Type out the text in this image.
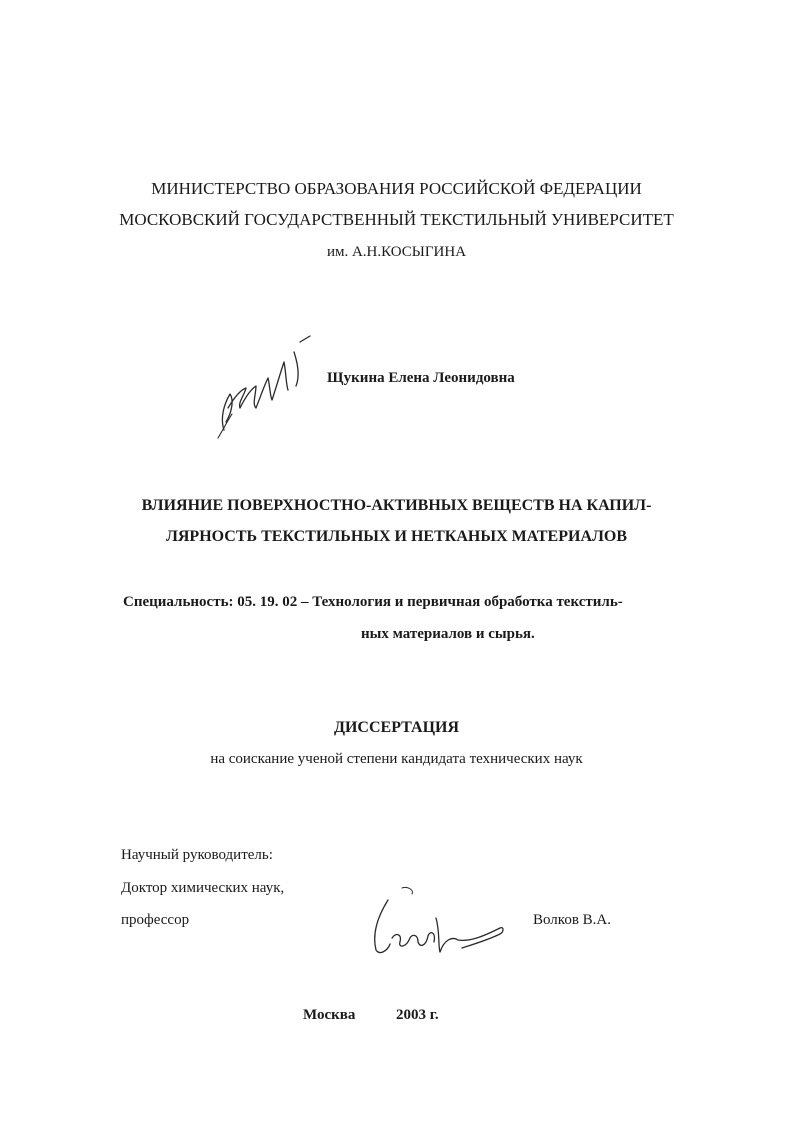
МИНИСТЕРСТВО ОБРАЗОВАНИЯ РОССИЙСКОЙ ФЕДЕРАЦИИ

МОСКОВСКИЙ ГОСУДАРСТВЕННЫЙ ТЕКСТИЛЬНЫЙ УНИВЕРСИТЕТ

им. А.Н.КОСЫГИНА

Щукина Елена Леонидовна

ВЛИЯНИЕ ПОВЕРХНОСТНО-АКТИВНЫХ ВЕЩЕСТВ НА КАПИЛ-

ЛЯРНОСТЬ ТЕКСТИЛЬНЫХ И НЕТКАНЫХ МАТЕРИАЛОВ

Специальность: 05. 19. 02 – Технология и первичная обработка текстиль-

ных материалов и сырья.

ДИССЕРТАЦИЯ

на соискание ученой степени кандидата технических наук

Научный руководитель:

Доктор химических наук,

профессор	Волков В.А.

Москва	2003 г.
